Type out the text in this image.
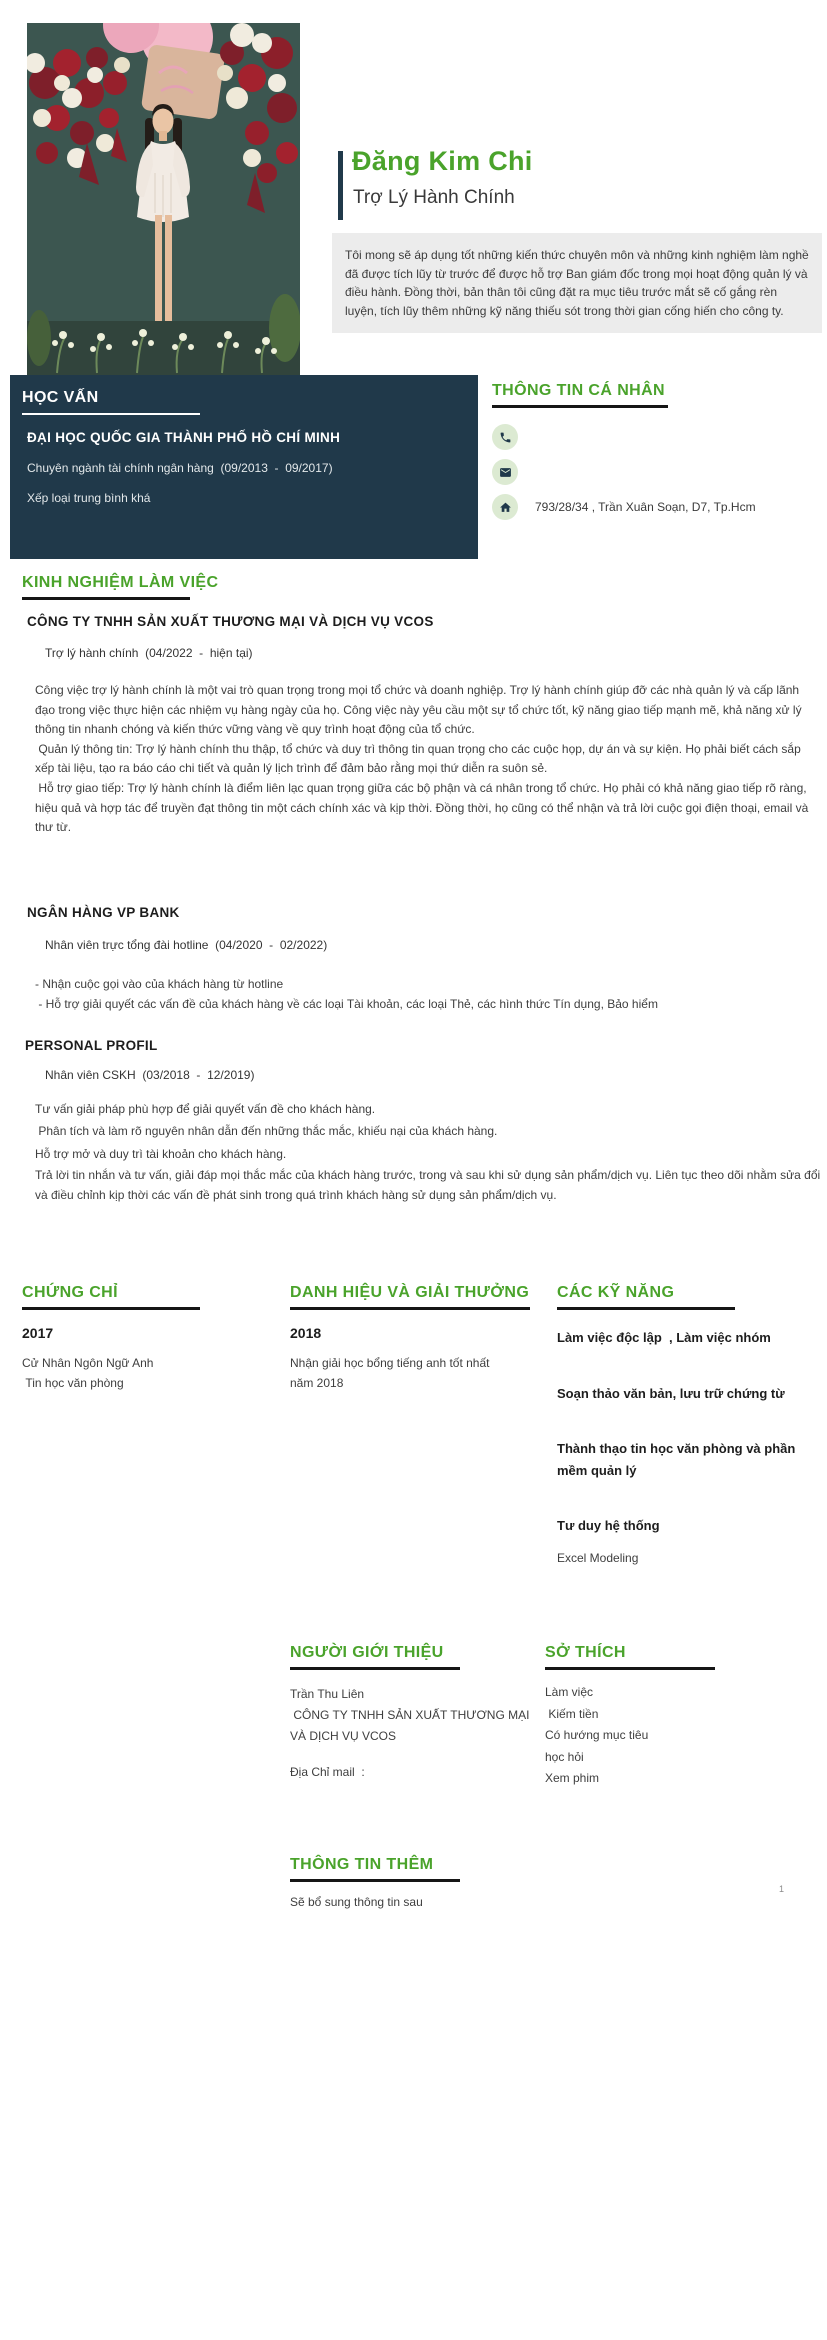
Đăng Kim Chi
Trợ Lý Hành Chính
Tôi mong sẽ áp dụng tốt những kiến thức chuyên môn và những kinh nghiệm làm nghề đã được tích lũy từ trước để được hỗ trợ Ban giám đốc trong mọi hoạt động quản lý và điều hành. Đồng thời, bản thân tôi cũng đặt ra mục tiêu trước mắt sẽ cố gắng rèn luyện, tích lũy thêm những kỹ năng thiếu sót trong thời gian cống hiến cho công ty.
HỌC VẤN
ĐẠI HỌC QUỐC GIA THÀNH PHỐ HỒ CHÍ MINH
Chuyên ngành tài chính ngân hàng  (09/2013  -  09/2017)
Xếp loại trung bình khá
THÔNG TIN CÁ NHÂN
793/28/34 , Trần Xuân Soạn, D7, Tp.Hcm
KINH NGHIỆM LÀM VIỆC
CÔNG TY TNHH SẢN XUẤT THƯƠNG MẠI VÀ DỊCH VỤ VCOS
Trợ lý hành chính  (04/2022  -  hiện tại)

Công việc trợ lý hành chính là một vai trò quan trọng trong mọi tổ chức và doanh nghiệp. Trợ lý hành chính giúp đỡ các nhà quản lý và cấp lãnh đạo trong việc thực hiện các nhiệm vụ hàng ngày của họ. Công việc này yêu cầu một sự tổ chức tốt, kỹ năng giao tiếp mạnh mẽ, khả năng xử lý thông tin nhanh chóng và kiến thức vững vàng về quy trình hoạt động của tổ chức.

Quản lý thông tin: Trợ lý hành chính thu thập, tổ chức và duy trì thông tin quan trọng cho các cuộc họp, dự án và sự kiện. Họ phải biết cách sắp xếp tài liệu, tạo ra báo cáo chi tiết và quản lý lịch trình để đảm bảo rằng mọi thứ diễn ra suôn sẻ.

Hỗ trợ giao tiếp: Trợ lý hành chính là điểm liên lạc quan trọng giữa các bộ phận và cá nhân trong tổ chức. Họ phải có khả năng giao tiếp rõ ràng, hiệu quả và hợp tác để truyền đạt thông tin một cách chính xác và kịp thời. Đồng thời, họ cũng có thể nhận và trả lời cuộc gọi điện thoại, email và thư từ.

NGÂN HÀNG VP BANK
Nhân viên trực tổng đài hotline  (04/2020  -  02/2022)

- Nhận cuộc gọi vào của khách hàng từ hotline

- Hỗ trợ giải quyết các vấn đề của khách hàng về các loại Tài khoản, các loại Thẻ, các hình thức Tín dụng, Bảo hiểm

PERSONAL PROFIL
Nhân viên CSKH  (03/2018  -  12/2019)

Tư vấn giải pháp phù hợp để giải quyết vấn đề cho khách hàng.

Phân tích và làm rõ nguyên nhân dẫn đến những thắc mắc, khiếu nại của khách hàng.

Hỗ trợ mở và duy trì tài khoản cho khách hàng.

Trả lời tin nhắn và tư vấn, giải đáp mọi thắc mắc của khách hàng trước, trong và sau khi sử dụng sản phẩm/dịch vụ. Liên tục theo dõi nhằm sửa đổi và điều chỉnh kịp thời các vấn đề phát sinh trong quá trình khách hàng sử dụng sản phẩm/dịch vụ.

CHỨNG CHỈ
2017
Cử Nhân Ngôn Ngữ Anh
Tin học văn phòng
DANH HIỆU VÀ GIẢI THƯỞNG
2018
Nhận giải học bổng tiếng anh tốt nhất năm 2018
CÁC KỸ NĂNG
Làm việc độc lập  , Làm việc nhóm
Soạn thảo văn bản, lưu trữ chứng từ
Thành thạo tin học văn phòng và phần mềm quản lý
Tư duy hệ thống
Excel Modeling
NGƯỜI GIỚI THIỆU
Trần Thu Liên
CÔNG TY TNHH SẢN XUẤT THƯƠNG MẠI VÀ DỊCH VỤ VCOS
Địa Chỉ mail  :
SỞ THÍCH
Làm việc
Kiếm tiền
Có hướng mục tiêu
học hỏi
Xem phim
THÔNG TIN THÊM
Sẽ bổ sung thông tin sau
1
